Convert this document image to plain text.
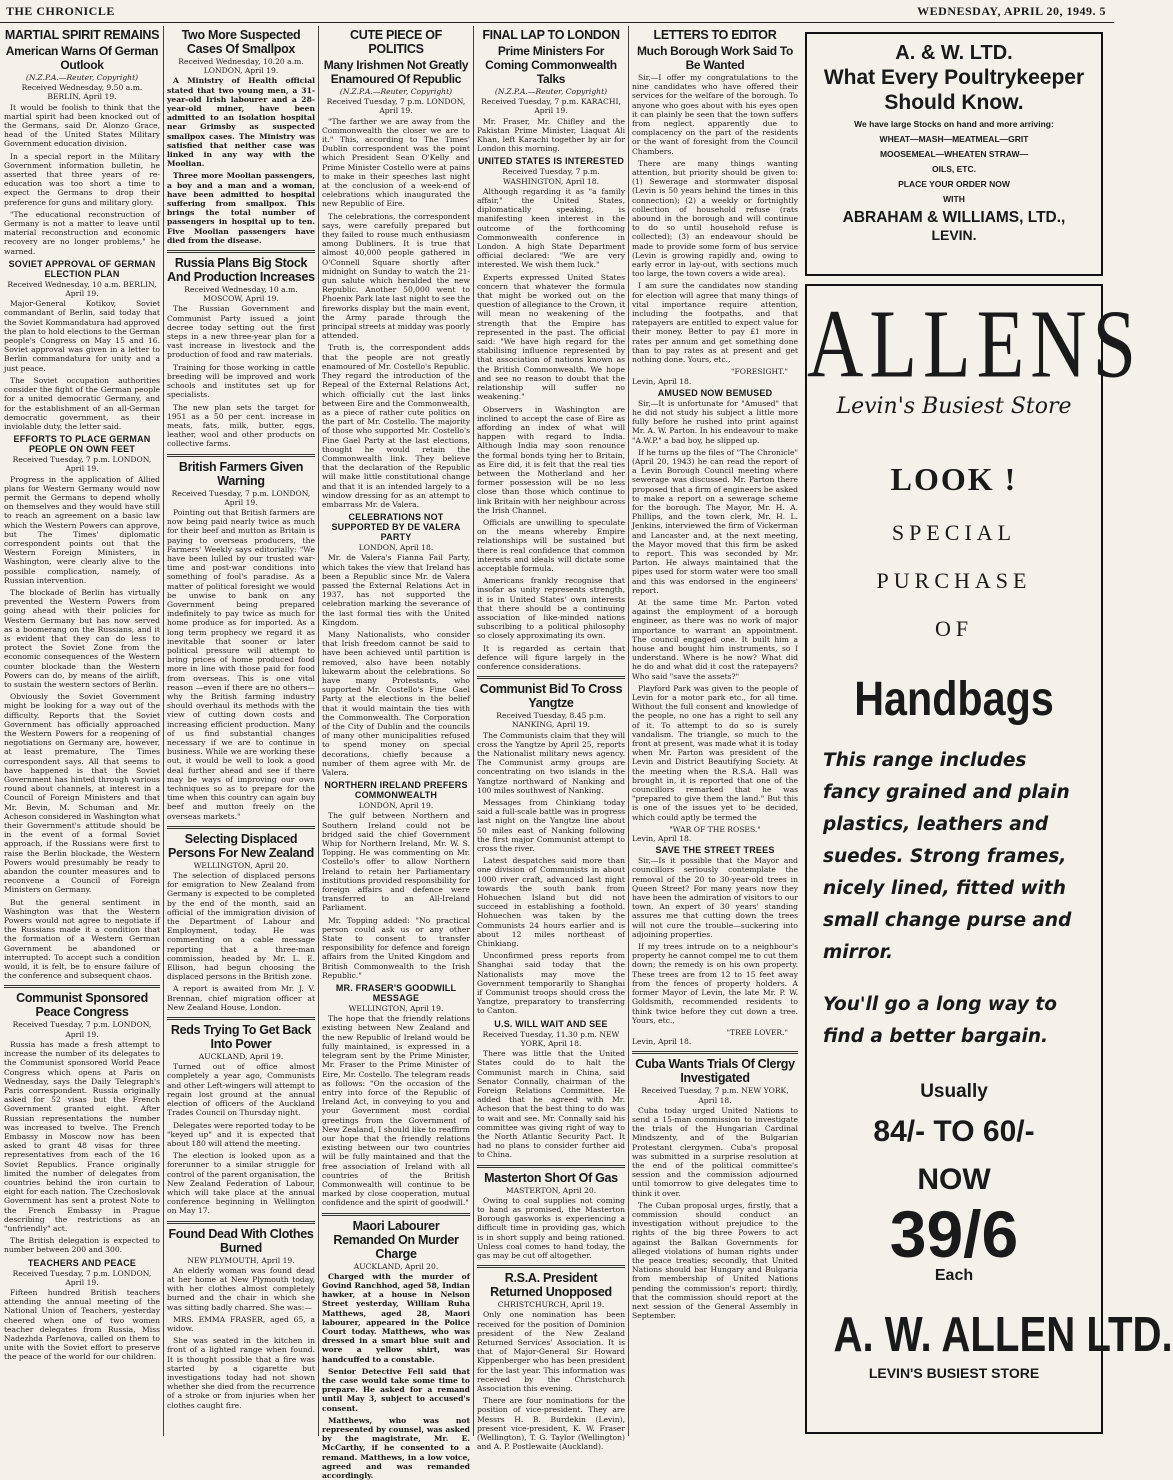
THE CHRONICLE	WEDNESDAY, APRIL 20, 1949. 5
MARTIAL SPIRIT REMAINS
American Warns Of German Outlook
(N.Z.P.A.—Reuter, Copyright)
Received Wednesday, 9.50 a.m. BERLIN, April 19.

It would be foolish to think that the martial spirit had been knocked out of the Germans, said Dr. Alonzo Grace, head of the United States Military Government education division.

In a special report in the Military Government information bulletin, he asserted that three years of re-education was too short a time to expect the Germans to drop their preference for guns and military glory.

"The educational reconstruction of Germany is not a matter to leave until material reconstruction and economic recovery are no longer problems," he warned.

SOVIET APPROVAL OF GERMAN ELECTION PLAN
Received Wednesday, 10 a.m. BERLIN, April 19.

Major-General Kotikov, Soviet commandant of Berlin, said today that the Soviet Kommandatura had approved the plan to hold elections to the German people's Congress on May 15 and 16. Soviet approval was given in a letter to Berlin commandatura for unity and a just peace.

The Soviet occupation authorities consider the fight of the German people for a united democratic Germany, and for the establishment of an all-German democratic government, as their inviolable duty, the letter said.

EFFORTS TO PLACE GERMAN PEOPLE ON OWN FEET
Received Tuesday, 7 p.m. LONDON, April 19.

Progress in the application of Allied plans for Western Germany would now permit the Germans to depend wholly on themselves and they would have still to reach an agreement on a basic law which the Western Powers can approve, but The Times' diplomatic correspondent points out that the Western Foreign Ministers, in Washington, were clearly alive to the possible complication, namely, of Russian intervention.

The blockade of Berlin has virtually prevented the Western Powers from going ahead with their policies for Western Germany but has now served as a boomerang on the Russians, and it is evident that they can do less to protect the Soviet Zone from the economic consequences of the Western counter blockade than the Western Powers can do, by means of the airlift, to sustain the western sectors of Berlin.

Obviously the Soviet Government might be looking for a way out of the difficulty. Reports that the Soviet Government has officially approached the Western Powers for a reopening of negotiations on Germany are, however, at least premature, The Times correspondent says. All that seems to have happened is that the Soviet Government has hinted through various round about channels, at interest in a Council of Foreign Ministers and that Mr. Bevin, M. Schuman and Mr. Acheson considered in Washington what their Government's attitude should be in the event of a formal Soviet approach, if the Russians were first to raise the Berlin blockade, the Western Powers would presumably be ready to abandon the counter measures and to reconvene a Council of Foreign Ministers on Germany.

But the general sentiment in Washington was that the Western Powers would not agree to negotiate if the Russians made it a condition that the formation of a Western German Government be abandoned or interrupted. To accept such a condition would, it is felt, be to ensure failure of the conference and subsequent chaos.

Communist Sponsored Peace Congress
Received Tuesday, 7 p.m. LONDON, April 19.

Russia has made a fresh attempt to increase the number of its delegates to the Communist sponsored World Peace Congress which opens at Paris on Wednesday, says the Daily Telegraph's Paris correspondent. Russia originally asked for 52 visas but the French Government granted eight. After Russian representations the number was increased to twelve. The French Embassy in Moscow now has been asked to grant 48 visas for three representatives from each of the 16 Soviet Republics. France originally limited the number of delegates from countries behind the iron curtain to eight for each nation. The Czechoslovak Government has sent a protest Note to the French Embassy in Prague describing the restrictions as an "unfriendly" act.

The British delegation is expected to number between 200 and 300.

TEACHERS AND PEACE
Received Tuesday, 7 p.m. LONDON, April 19.

Fifteen hundred British teachers attending the annual meeting of the National Union of Teachers, yesterday cheered when one of two women teacher delegates from Russia, Miss Nadezhda Parfenova, called on them to unite with the Soviet effort to preserve the peace of the world for our children.

Two More Suspected Cases Of Smallpox
Received Wednesday, 10.20 a.m. LONDON, April 19.

A Ministry of Health official stated that two young men, a 31-year-old Irish labourer and a 28-year-old miner, have been admitted to an isolation hospital near Grimsby as suspected smallpox cases. The Ministry was satisfied that neither case was linked in any way with the Moolian.

Three more Moolian passengers, a boy and a man and a woman, have been admitted to hospital suffering from smallpox. This brings the total number of passengers in hospital up to ten. Five Moolian passengers have died from the disease.

Russia Plans Big Stock And Production Increases
Received Wednesday, 10 a.m. MOSCOW, April 19.

The Russian Government and Communist Party issued a joint decree today setting out the first steps in a new three-year plan for a vast increase in livestock and the production of food and raw materials.

Training for those working in cattle breeding will be improved and work schools and institutes set up for specialists.

The new plan sets the target for 1951 as a 50 per cent. increase in meats, fats, milk, butter, eggs, leather, wool and other products on collective farms.

British Farmers Given Warning
Received Tuesday, 7 p.m. LONDON, April 19.

Pointing out that British farmers are now being paid nearly twice as much for their beef and mutton as Britain is paying to overseas producers, the Farmers' Weekly says editorially: "We have been lulled by our trusted war-time and post-war conditions into something of fool's paradise. As a matter of political foresight we would be unwise to bank on any Government being prepared indefinitely to pay twice as much for home produce as for imported. As a long term prophecy we regard it as inevitable that sooner or later political pressure will attempt to bring prices of home produced food more in line with those paid for food from overseas. This is one vital reason —even if there are no others—why the British farming industry should overhaul its methods with the view of cutting down costs and increasing efficient production. Many of us find substantial changes necessary if we are to continue in business. While we are working these out, it would be well to look a good deal further ahead and see if there may be ways of improving our own techniques so as to prepare for the time when this country can again buy beef and mutton freely on the overseas markets."

Selecting Displaced Persons For New Zealand
WELLINGTON, April 20.

The selection of displaced persons for emigration to New Zealand from Germany is expected to be completed by the end of the month, said an official of the immigration division of the Department of Labour and Employment, today. He was commenting on a cable message reporting that a three-man commission, headed by Mr. L. E. Ellison, had begun choosing the displaced persons in the British zone.

A report is awaited from Mr. J. V. Brennan, chief migration officer at New Zealand House, London.

Reds Trying To Get Back Into Power
AUCKLAND, April 19.

Turned out of office almost completely a year ago, Communists and other Left-wingers will attempt to regain lost ground at the annual election of officers of the Auckland Trades Council on Thursday night.

Delegates were reported today to be "keyed up" and it is expected that about 180 will attend the meeting.

The election is looked upon as a forerunner to a similar struggle for control of the parent organisation, the New Zealand Federation of Labour, which will take place at the annual conference beginning in Wellington on May 17.

Found Dead With Clothes Burned
NEW PLYMOUTH, April 19.

An elderly woman was found dead at her home at New Plymouth today, with her clothes almost completely burned and the chair in which she was sitting badly charred. She was:—

MRS. EMMA FRASER, aged 65, a widow.

She was seated in the kitchen in front of a lighted range when found. It is thought possible that a fire was started by a cigarette but investigations today had not shown whether she died from the recurrence of a stroke or from injuries when her clothes caught fire.

CUTE PIECE OF POLITICS
Many Irishmen Not Greatly Enamoured Of Republic
(N.Z.P.A.—Reuter, Copyright)
Received Tuesday, 7 p.m. LONDON, April 19.

"The farther we are away from the Commonwealth the closer we are to it." This, according to The Times' Dublin correspondent was the point which President Sean O'Kelly and Prime Minister Costello were at pains to make in their speeches last night at the conclusion of a week-end of celebrations which inaugurated the new Republic of Eire.

The celebrations, the correspondent says, were carefully prepared but they failed to rouse much enthusiasm among Dubliners. It is true that almost 40,000 people gathered in O'Connell Square shortly after midnight on Sunday to watch the 21-gun salute which heralded the new Republic. Another 50,000 went to Phoenix Park late last night to see the fireworks display but the main event, the Army parade through the principal streets at midday was poorly attended.

Truth is, the correspondent adds that the people are not greatly enamoured of Mr. Costello's Republic. They regard the introduction of the Repeal of the External Relations Act, which officially cut the last links between Eire and the Commonwealth, as a piece of rather cute politics on the part of Mr. Costello. The majority of those who supported Mr. Costello's Fine Gael Party at the last elections, thought he would retain the Commonwealth link. They believe that the declaration of the Republic will make little constitutional change and that it is an intended largely to a window dressing for as an attempt to embarrass Mr. de Valera.

CELEBRATIONS NOT SUPPORTED BY DE VALERA PARTY
LONDON, April 18.

Mr. de Valera's Fianna Fail Party, which takes the view that Ireland has been a Republic since Mr. de Valera passed the External Relations Act in 1937, has not supported the celebration marking the severance of the last formal ties with the United Kingdom.

Many Nationalists, who consider that Irish freedom cannot be said to have been achieved until partition is removed, also have been notably lukewarm about the celebrations. So have many Protestants, who supported Mr. Costello's Fine Gael Party at the elections in the belief that it would maintain the ties with the Commonwealth. The Corporation of the City of Dublin and the councils of many other municipalities refused to spend money on special decorations, chiefly because a number of them agree with Mr. de Valera.

NORTHERN IRELAND PREFERS COMMONWEALTH
LONDON, April 19.

The gulf between Northern and Southern Ireland could not be bridged said the chief Government Whip for Northern Ireland, Mr. W. S. Topping. He was commenting on Mr. Costello's offer to allow Northern Ireland to retain her Parliamentary institutions provided responsibility for foreign affairs and defence were transferred to an All-Ireland Parliament.

Mr. Topping added: "No practical person could ask us or any other State to consent to transfer responsibility for defence and foreign affairs from the United Kingdom and British Commonwealth to the Irish Republic."

MR. FRASER'S GOODWILL MESSAGE
WELLINGTON, April 19.

The hope that the friendly relations existing between New Zealand and the new Republic of Ireland would be fully maintained, is expressed in a telegram sent by the Prime Minister, Mr. Fraser to the Prime Minister of Eire, Mr. Costello. The telegram reads as follows: "On the occasion of the entry into force of the Republic of Ireland Act, in conveying to you and your Government most cordial greetings from the Government of New Zealand, I should like to reaffirm our hope that the friendly relations existing between our two countries will be fully maintained and that the free association of Ireland with all countries of the British Commonwealth will continue to be marked by close cooperation, mutual confidence and the spirit of goodwill."

Maori Labourer Remanded On Murder Charge
AUCKLAND, April 20.

Charged with the murder of Govind Ranchhod, aged 58, Indian hawker, at a house in Nelson Street yesterday, William Ruha Matthews, aged 28, Maori labourer, appeared in the Police Court today. Matthews, who was dressed in a smart blue suit and wore a yellow shirt, was handcuffed to a constable.

Senior Detective Fell said that the case would take some time to prepare. He asked for a remand until May 3, subject to accused's consent.

Matthews, who was not represented by counsel, was asked by the magistrate, Mr. E. McCarthy, if he consented to a remand. Matthews, in a low voice, agreed and was remanded accordingly.

FINAL LAP TO LONDON
Prime Ministers For Coming Commonwealth Talks
(N.Z.P.A.—Reuter, Copyright)
Received Tuesday, 7 p.m. KARACHI, April 19.

Mr. Fraser, Mr. Chifley and the Pakistan Prime Minister, Liaquat Ali Khan, left Karachi together by air for London this morning.

UNITED STATES IS INTERESTED
Received Tuesday, 7 p.m. WASHINGTON, April 18.

Although regarding it as "a family affair," the United States, diplomatically speaking, is manifesting keen interest in the outcome of the forthcoming Commonwealth conference in London. A high State Department official declared: "We are very interested. We wish them luck."

Experts expressed United States concern that whatever the formula that might be worked out on the question of allegiance to the Crown, it will mean no weakening of the strength that the Empire has represented in the past. The official said: "We have high regard for the stabilising influence represented by that association of nations known as the British Commonwealth. We hope and see no reason to doubt that the relationship will suffer no weakening."

Observers in Washington are inclined to accept the case of Eire as affording an index of what will happen with regard to India. Although India may soon renounce the formal bonds tying her to Britain, as Eire did, it is felt that the real ties between the Motherland and her former possession will be no less close than those which continue to link Britain with her neighbour across the Irish Channel.

Officials are unwilling to speculate on the means whereby Empire relationships will be sustained but there is real confidence that common interests and ideals will dictate some acceptable formula.

Americans frankly recognise that insofar as unity represents strength, it is in United States' own interests that there should be a continuing association of like-minded nations subscribing to a political philosophy so closely approximating its own.

It is regarded as certain that defence will figure largely in the conference considerations.

Communist Bid To Cross Yangtze
Received Tuesday, 8.45 p.m. NANKING, April 19.

The Communists claim that they will cross the Yangtze by April 25, reports the Nationalist military news agency. The Communist army groups are concentrating on two islands in the Yangtze northward of Nanking and 100 miles southwest of Nanking.

Messages from Chinkiang today said a full-scale battle was in progress last night on the Yangtze line about 50 miles east of Nanking following the first major Communist attempt to cross the river.

Latest despatches said more than one division of Communists in about 1000 river craft, advanced last night towards the south bank from Hohuechen Island but did not succeed in establishing a foothold. Hohuechen was taken by the Communists 24 hours earlier and is about 12 miles northeast of Chinkiang.

Unconfirmed press reports from Shanghai said today that the Nationalists may move the Government temporarily to Shanghai if Communist troops should cross the Yangtze, preparatory to transferring to Canton.

U.S. WILL WAIT AND SEE
Received Tuesday, 11.30 p.m. NEW YORK, April 18.

There was little that the United States could do to halt the Communist march in China, said Senator Connally, chairman of the Foreign Relations Committee. He added that he agreed with Mr. Acheson that the best thing to do was to wait and see. Mr. Connally said his committee was giving right of way to the North Atlantic Security Pact. It had no plans to consider further aid to China.

Masterton Short Of Gas
MASTERTON, April 20.

Owing to coal supplies not coming to hand as promised, the Masterton Borough gasworks is experiencing a difficult time in providing gas, which is in short supply and being rationed. Unless coal comes to hand today, the gas may be cut off altogether.

R.S.A. President Returned Unopposed
CHRISTCHURCH, April 19.

Only one nomination has been received for the position of Dominion president of the New Zealand Returned Services' Association. It is that of Major-General Sir Howard Kippenberger who has been president for the last year. This information was received by the Christchurch Association this evening.

There are four nominations for the position of vice-president. They are Messrs H. B. Burdekin (Levin), present vice-president, K. W. Fraser (Wellington), T. G. Taylor (Wellington) and A. P. Postlewaite (Auckland).

LETTERS TO EDITOR
Much Borough Work Said To Be Wanted

Sir,—I offer my congratulations to the nine candidates who have offered their services for the welfare of the borough. To anyone who goes about with his eyes open it can plainly be seen that the town suffers from neglect, apparently due to complacency on the part of the residents or the want of foresight from the Council Chambers.

There are many things wanting attention, but priority should be given to: (1) Sewerage and stormwater disposal (Levin is 50 years behind the times in this connection); (2) a weekly or fortnightly collection of household refuse (rats abound in the borough and will continue to do so until household refuse is collected); (3) an endeavour should be made to provide some form of bus service (Levin is growing rapidly and, owing to early error in lay-out, with sections much too large, the town covers a wide area).

I am sure the candidates now standing for election will agree that many things of vital importance require attention, including the footpaths, and that ratepayers are entitled to expect value for their money. Better to pay £1 more in rates per annum and get something done than to pay rates as at present and get nothing done. Yours, etc.,

"FORESIGHT."
Levin, April 18.
AMUSED NOW BEMUSED

Sir,—It is unfortunate for "Amused" that he did not study his subject a little more fully before he rushed into print against Mr. A. W. Parton. In his endeavour to make "A.W.P." a bad boy, he slipped up.

If he turns up the files of "The Chronicle" (April 20, 1943) he can read the report of a Levin Borough Council meeting where sewerage was discussed. Mr. Parton there proposed that a firm of engineers be asked to make a report on a sewerage scheme for the borough. The Mayor, Mr. H. A. Phillips, and the town clerk, Mr. H. L. Jenkins, interviewed the firm of Vickerman and Lancaster and, at the next meeting, the Mayor moved that this firm be asked to report. This was seconded by Mr. Parton. He always maintained that the pipes used for storm water were too small and this was endorsed in the engineers' report.

At the same time Mr. Parton voted against the employment of a borough engineer, as there was no work of major importance to warrant an appointment. The council engaged one. It built him a house and bought him instruments, so I understand. Where is he now? What did he do and what did it cost the ratepayers? Who said "save the assets?"

Playford Park was given to the people of Levin for a motor park etc., for all time. Without the full consent and knowledge of the people, no one has a right to sell any of it. To attempt to do so is surely vandalism. The triangle, so much to the front at present, was made what it is today when Mr. Parton was president of the Levin and District Beautifying Society. At the meeting when the R.S.A. Hall was brought in, it is reported that one of the councillors remarked that he was "prepared to give them the land." But this is one of the issues yet to be decided, which could aptly be termed the

"WAR OF THE ROSES."
Levin, April 18.
SAVE THE STREET TREES

Sir,—Is it possible that the Mayor and councillors seriously contemplate the removal of the 20 to 30-year-old trees in Queen Street? For many years now they have been the admiration of visitors to our town. An expert of 30 years' standing assures me that cutting down the trees will not cure the trouble—suckering into adjoining properties.

If my trees intrude on to a neighbour's property he cannot compel me to cut them down; the remedy is on his own property. These trees are from 12 to 15 feet away from the fences of property holders. A former Mayor of Levin, the late Mr. P. W. Goldsmith, recommended residents to think twice before they cut down a tree. Yours, etc.,

"TREE LOVER."
Levin, April 18.
Cuba Wants Trials Of Clergy Investigated
Received Tuesday, 7 p.m. NEW YORK, April 18.

Cuba today urged United Nations to send a 15-man commission to investigate the trials of the Hungarian Cardinal Mindszenty, and of the Bulgarian Protestant clergymen. Cuba's proposal was submitted in a surprise resolution at the end of the political committee's session and the commission adjourned until tomorrow to give delegates time to think it over.

The Cuban proposal urges, firstly, that a commission should conduct an investigation without prejudice to the rights of the big three Powers to act against the Balkan Governments for alleged violations of human rights under the peace treaties; secondly, that United Nations should bar Hungary and Bulgaria from membership of United Nations pending the commission's report; thirdly, that the commission should report at the next session of the General Assembly in September.

A. & W. LTD.
What Every Poultrykeeper
Should Know.
We have large Stocks on hand and more arriving:
WHEAT—MASH—MEATMEAL—GRIT
MOOSEMEAL—WHEATEN STRAW—
OILS, ETC.
PLACE YOUR ORDER NOW
WITH
ABRAHAM & WILLIAMS, LTD.,
LEVIN.
ALLENS
Levin's Busiest Store
LOOK !
SPECIAL
PURCHASE
OF
Handbags
This range includes fancy grained and plain plastics, leathers and suedes. Strong frames, nicely lined, fitted with small change purse and mirror.
You'll go a long way to find a better bargain.
Usually
84/- TO 60/-
NOW
39/6
Each
A. W. ALLEN LTD.
LEVIN'S BUSIEST STORE
